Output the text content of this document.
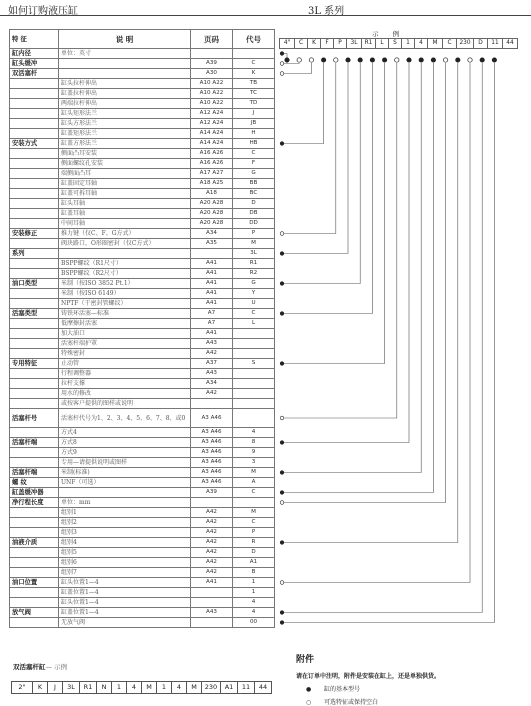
如何订购液压缸	3L 系列
特 征	说 明	页码	代号
缸内径	单位：英寸		
缸头缓冲		A39	C
双活塞杆		A30	K
	缸头拉杆伸出	A10 A22	TB
	缸盖拉杆伸出	A10 A22	TC
	两端拉杆伸出	A10 A22	TD
	缸头矩形法兰	A12 A24	J
	缸头方形法兰	A12 A24	JB
	缸盖矩形法兰	A14 A24	H
安装方式	缸盖方形法兰	A14 A24	HB
	侧面凸耳安装	A16 A26	C
	侧面螺纹孔安装	A16 A26	F
	端侧面凸耳	A17 A27	G
	缸盖固定耳轴	A18 A25	BB
	缸盖可拆耳轴	A18	BC
	缸头耳轴	A20 A28	D
	缸盖耳轴	A20 A28	DB
	中间耳轴	A20 A28	DD
安装修正	推力键（仅C、F、G方式）	A34	P
	阀块路口，O形圈密封（仅C方式）	A35	M
系列			3L
	BSPP螺纹（R1尺寸）	A41	R1
	BSPP螺纹（R2尺寸）	A41	R2
油口类型	米制（按ISO 3852 Pt.1）	A41	G
	米制（按ISO 6149）	A41	Y
	NPTF（干密封管螺纹）	A41	U
活塞类型	铸铁环活塞—标准	A7	C
	低摩擦封活塞	A7	L
	加大油口	A41	
	活塞杆端护罩	A43	
	特殊密封	A42	
专用特征	止动管	A37	S
	行程调整器	A43	
	拉杆支撑	A34	
	用水的修改	A42	
	或按客户提供的图样或说明		
活塞杆号	活塞杆代号为1、2、3、4、5、6、7、8、或0	A3 A46	
	方式4	A3 A46	4
活塞杆端	方式8	A3 A46	8
	方式9	A3 A46	9
	专用—请提供说明或图样	A3 A46	3
活塞杆端	米制(标准)	A3 A46	M
螺 纹	UNF（可选）	A3 A46	A
缸盖缓冲器		A39	C
净行程长度	单位：mm		
	组别1	A42	M
	组别2	A42	C
	组别3	A42	P
油液介质	组别4	A42	R
	组别5	A42	D
	组别6	A42	A1
	组别7	A42	B
油口位置	缸头位置1—4	A41	1
	缸盖位置1—4		1
	缸头位置1—4		4
放气阀	缸盖位置1—4	A43	4
	无放气阀		00
示 例
4"	C	K	F	P	3L	R1	L	S	1	4	M	C	230	D	11	44
附件
请在订单中注明，附件是安装在缸上，还是单独供货。
● 缸的基本型号
○ 可选特征或保持空白
双活塞杆缸— 示例
2"	K	J	3L	R1	N	1	4	M	1	4	M	230	A1	11	44
